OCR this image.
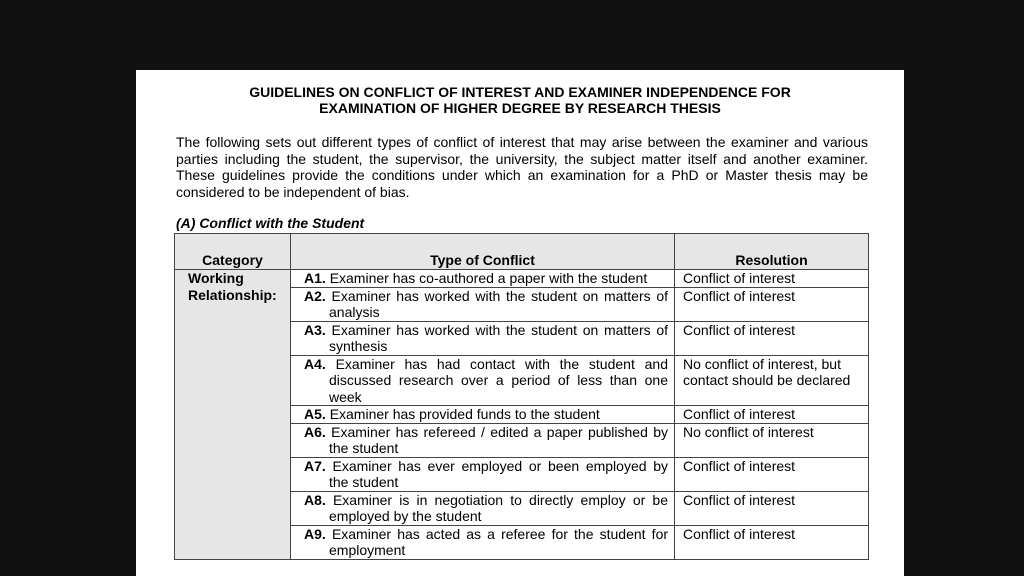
GUIDELINES ON CONFLICT OF INTEREST AND EXAMINER INDEPENDENCE FOR
EXAMINATION OF HIGHER DEGREE BY RESEARCH THESIS
The following sets out different types of conflict of interest that may arise between the examiner and various parties including the student, the supervisor, the university, the subject matter itself and another examiner. These guidelines provide the conditions under which an examination for a PhD or Master thesis may be considered to be independent of bias.
(A) Conflict with the Student
Category	Type of Conflict	Resolution
Working Relationship:	A1. Examiner has co-authored a paper with the student	Conflict of interest

	A2. Examiner has worked with the student on matters of analysis	Conflict of interest

	A3. Examiner has worked with the student on matters of synthesis	Conflict of interest

	A4. Examiner has had contact with the student and discussed research over a period of less than one week	No conflict of interest, but contact should be declared

	A5. Examiner has provided funds to the student	Conflict of interest

	A6. Examiner has refereed / edited a paper published by the student	No conflict of interest

	A7. Examiner has ever employed or been employed by the student	Conflict of interest

	A8. Examiner is in negotiation to directly employ or be employed by the student	Conflict of interest

	A9. Examiner has acted as a referee for the student for employment	Conflict of interest
